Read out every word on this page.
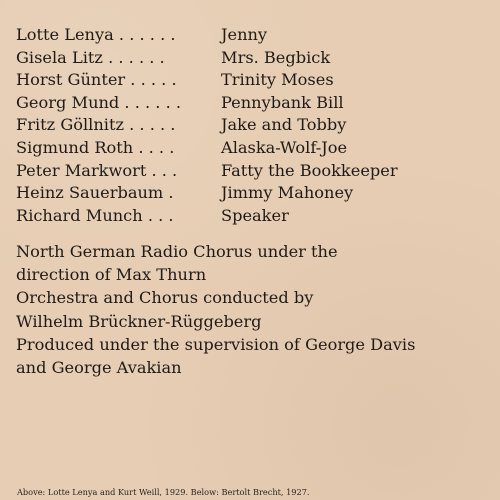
Lotte Lenya . . . . . .	Jenny
Gisela Litz . . . . . .	Mrs. Begbick
Horst Günter . . . . .	Trinity Moses
Georg Mund . . . . . . Pennybank Bill
Fritz Göllnitz . . . . .	Jake and Tobby
Sigmund Roth . . . .	Alaska-Wolf-Joe
Peter Markwort . . .	Fatty the Bookkeeper
Heinz Sauerbaum .	Jimmy Mahoney
Richard Munch . . .	Speaker
North German Radio Chorus under the
direction of Max Thurn
Orchestra and Chorus conducted by
Wilhelm Brückner-Rüggeberg
Produced under the supervision of George Davis
and George Avakian
Above: Lotte Lenya and Kurt Weill, 1929. Below: Bertolt Brecht, 1927.
